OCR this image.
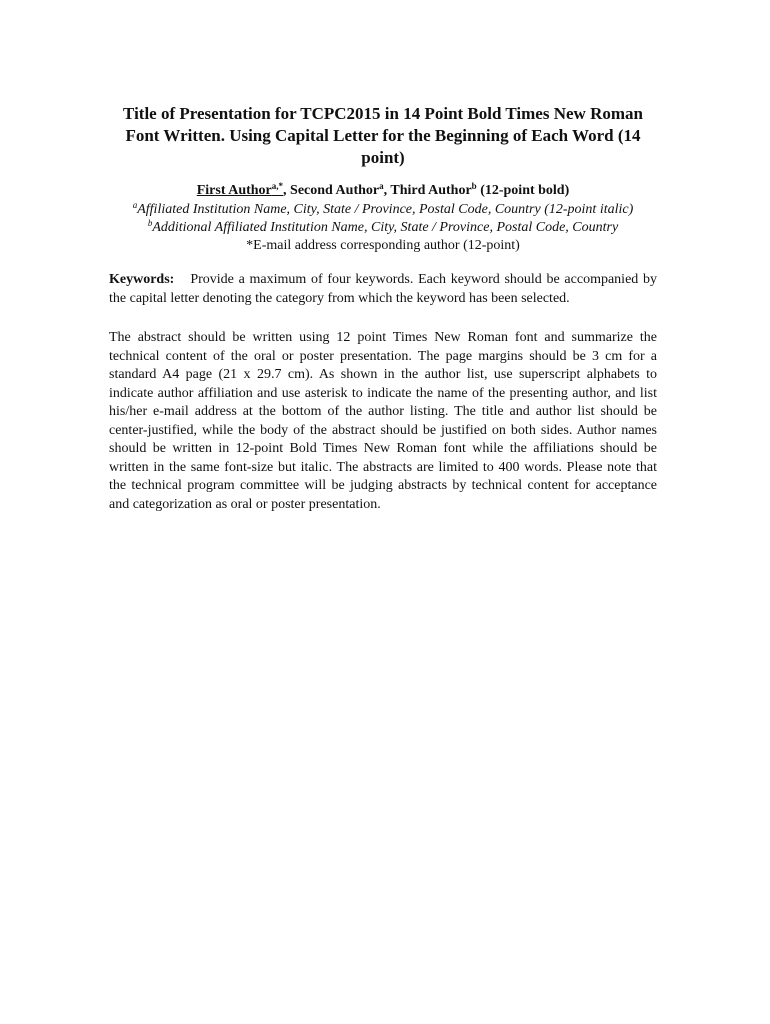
Title of Presentation for TCPC2015 in 14 Point Bold Times New Roman Font Written. Using Capital Letter for the Beginning of Each Word (14 point)
First Author$^{a,*}$, Second Author$^a$, Third Author$^b$ (12-point bold)
$^a$Affiliated Institution Name, City, State / Province, Postal Code, Country (12-point italic)
$^b$Additional Affiliated Institution Name, City, State / Province, Postal Code, Country
*E-mail address corresponding author (12-point)

Keywords: Provide a maximum of four keywords. Each keyword should be accompanied by the capital letter denoting the category from which the keyword has been selected.

The abstract should be written using 12 point Times New Roman font and summarize the technical content of the oral or poster presentation. The page margins should be 3 cm for a standard A4 page (21 x 29.7 cm). As shown in the author list, use superscript alphabets to indicate author affiliation and use asterisk to indicate the name of the presenting author, and list his/her e-mail address at the bottom of the author listing. The title and author list should be center-justified, while the body of the abstract should be justified on both sides. Author names should be written in 12-point Bold Times New Roman font while the affiliations should be written in the same font-size but italic. The abstracts are limited to 400 words. Please note that the technical program committee will be judging abstracts by technical content for acceptance and categorization as oral or poster presentation.
